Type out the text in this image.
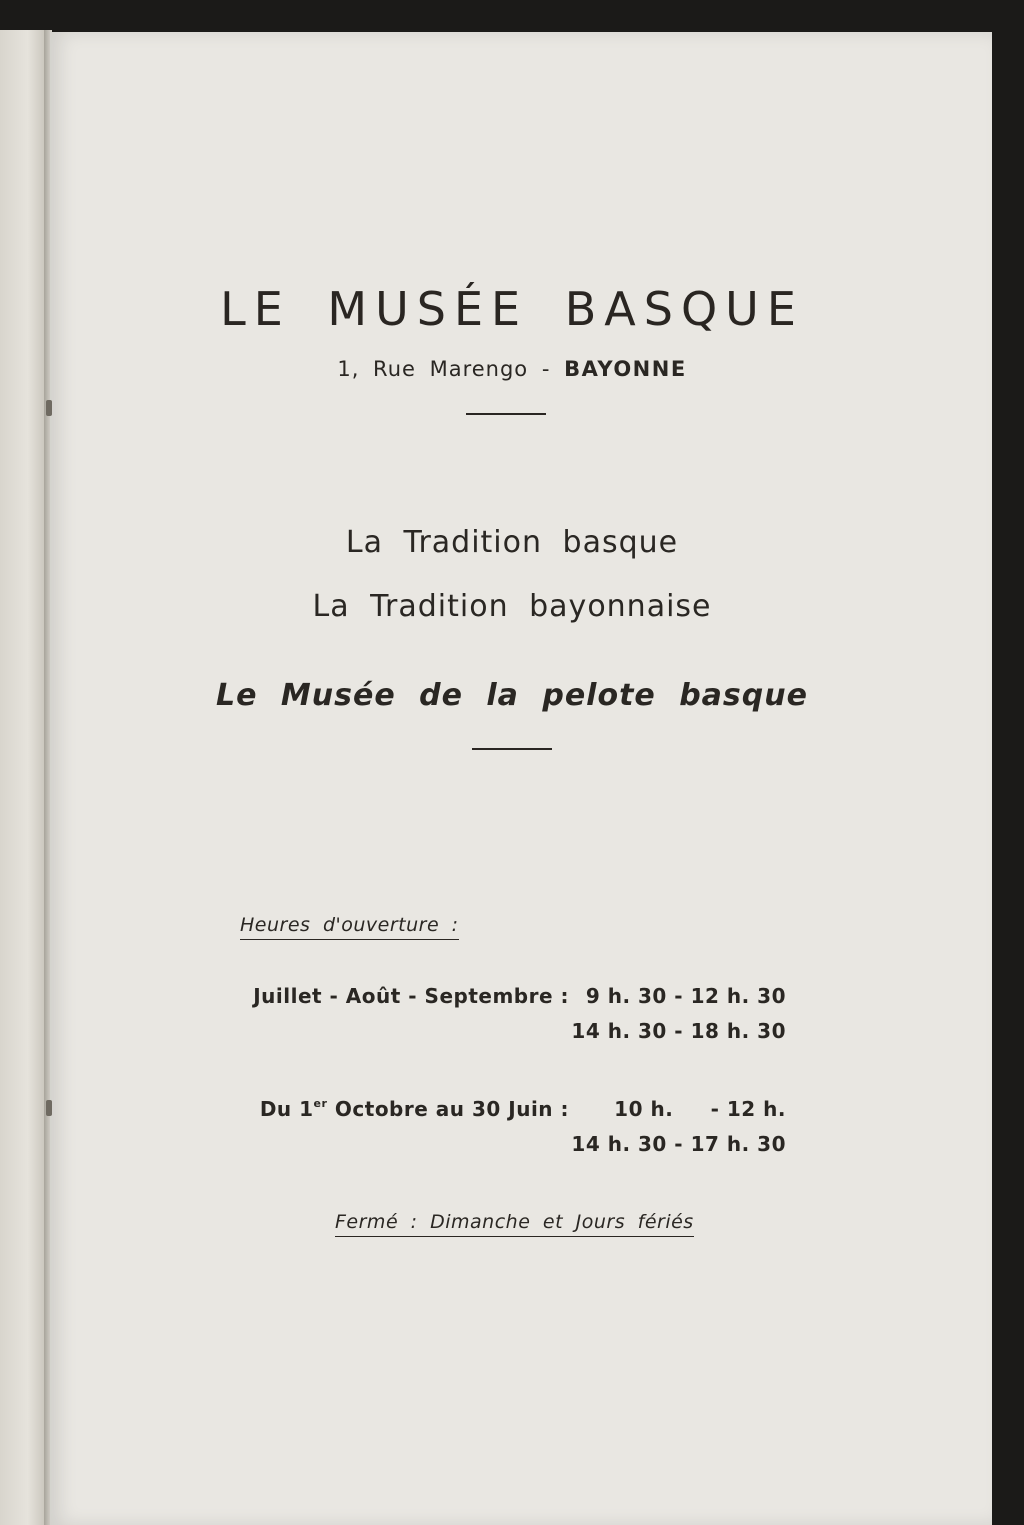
LE MUSÉE BASQUE
1, Rue Marengo - BAYONNE
La Tradition basque
La Tradition bayonnaise
Le Musée de la pelote basque
Heures d'ouverture :
Juillet - Août - Septembre : 9 h. 30 - 12 h. 30
14 h. 30 - 18 h. 30
Du 1er Octobre au 30 Juin : 10 h.     - 12 h.
14 h. 30 - 17 h. 30
Fermé : Dimanche et Jours fériés
